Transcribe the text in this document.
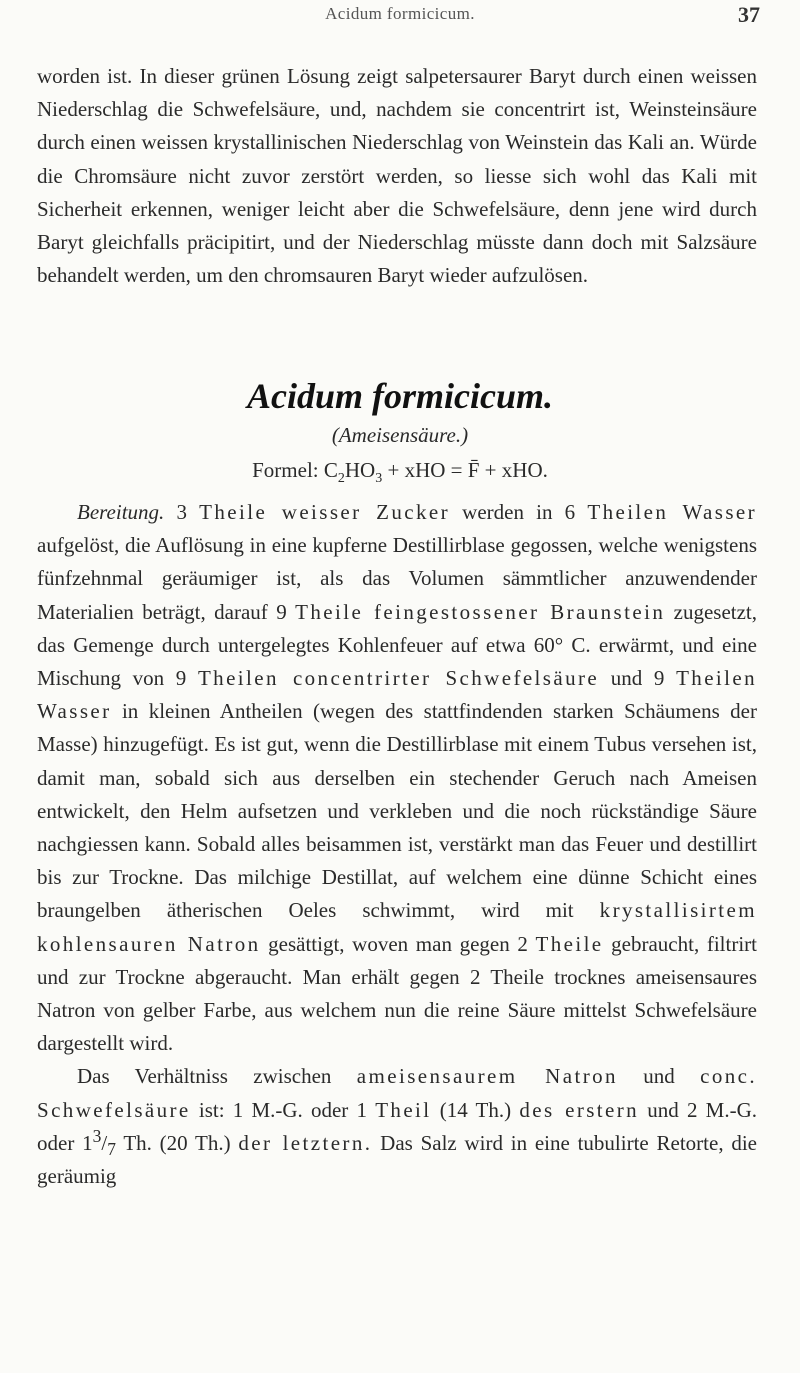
Acidum formicicum.	37
worden ist. In dieser grünen Lösung zeigt salpetersaurer Baryt durch einen weissen Niederschlag die Schwefelsäure, und, nachdem sie concentrirt ist, Weinsteinsäure durch einen weissen krystallinischen Niederschlag von Weinstein das Kali an. Würde die Chromsäure nicht zuvor zerstört werden, so liesse sich wohl das Kali mit Sicherheit erkennen, weniger leicht aber die Schwefelsäure, denn jene wird durch Baryt gleichfalls präcipitirt, und der Niederschlag müsste dann doch mit Salzsäure behandelt werden, um den chromsauren Baryt wieder aufzulösen.
Acidum formicicum.
(Ameisensäure.)
Formel: $C_2HO_3$ + xHO = F̄ + xHO.

Bereitung. 3 Theile weisser Zucker werden in 6 Theilen Wasser aufgelöst, die Auflösung in eine kupferne Destillirblase gegossen, welche wenigstens fünfzehnmal geräumiger ist, als das Volumen sämmtlicher anzuwendender Materialien beträgt, darauf 9 Theile feingestossener Braunstein zugesetzt, das Gemenge durch untergelegtes Kohlenfeuer auf etwa 60° C. erwärmt, und eine Mischung von 9 Theilen concentrirter Schwefelsäure und 9 Theilen Wasser in kleinen Antheilen (wegen des stattfindenden starken Schäumens der Masse) hinzugefügt. Es ist gut, wenn die Destillirblase mit einem Tubus versehen ist, damit man, sobald sich aus derselben ein stechender Geruch nach Ameisen entwickelt, den Helm aufsetzen und verkleben und die noch rückständige Säure nachgiessen kann. Sobald alles beisammen ist, verstärkt man das Feuer und destillirt bis zur Trockne. Das milchige Destillat, auf welchem eine dünne Schicht eines braungelben ätherischen Oeles schwimmt, wird mit krystallisirtem kohlensauren Natron gesättigt, woven man gegen 2 Theile gebraucht, filtrirt und zur Trockne abgeraucht. Man erhält gegen 2 Theile trocknes ameisensaures Natron von gelber Farbe, aus welchem nun die reine Säure mittelst Schwefelsäure dargestellt wird.

Das Verhältniss zwischen ameisensaurem Natron und conc. Schwefelsäure ist: 1 M.-G. oder 1 Theil (14 Th.) des erstern und 2 M.-G. oder $1^3/_7$ Th. (20 Th.) der letztern. Das Salz wird in eine tubulirte Retorte, die geräumig
